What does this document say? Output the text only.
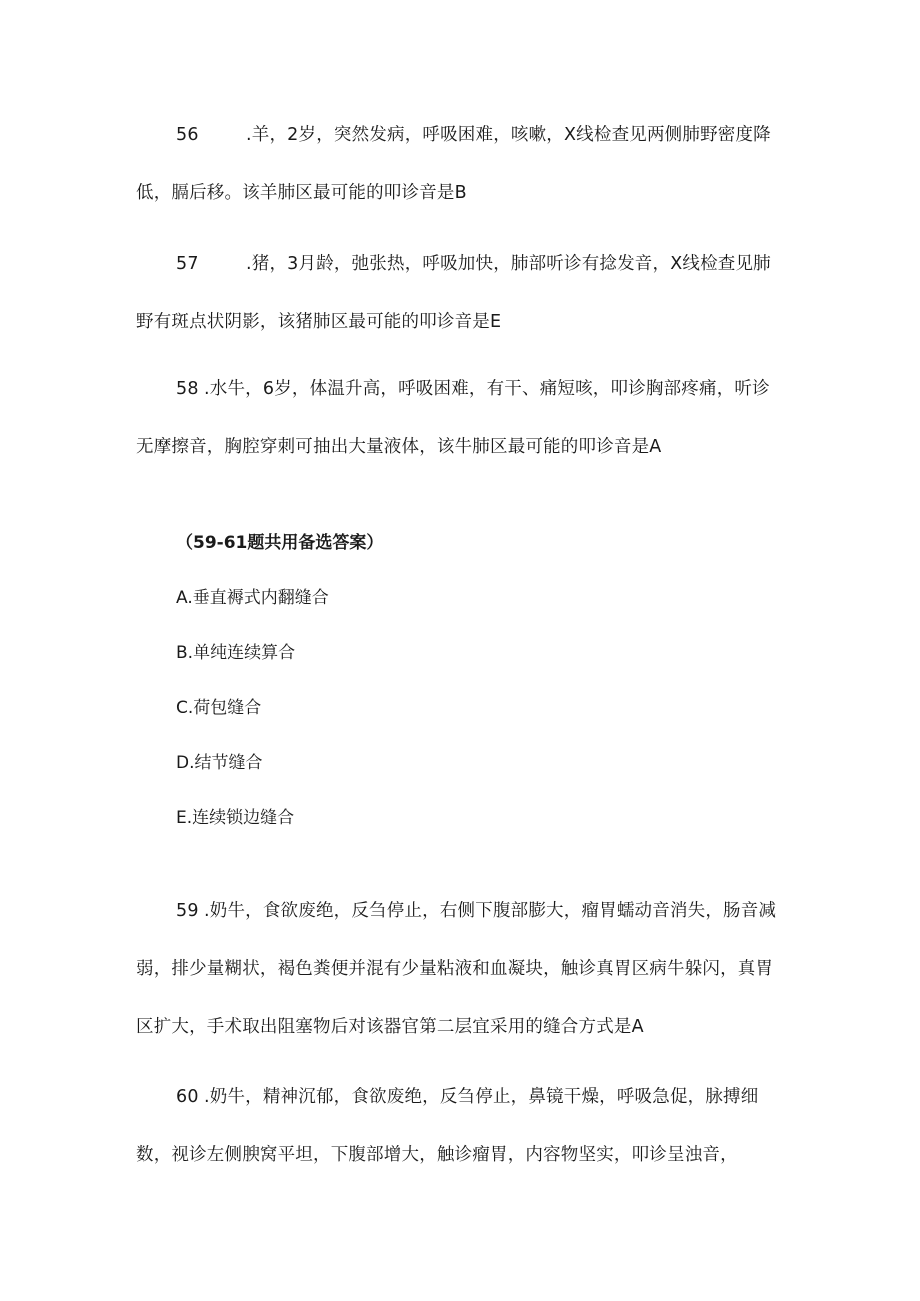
56	.羊，2岁，突然发病，呼吸困难，咳嗽，X线检查见两侧肺野密度降低，膈后移。该羊肺区最可能的叩诊音是B
57	.猪，3月龄，弛张热，呼吸加快，肺部听诊有捻发音，X线检查见肺野有斑点状阴影，该猪肺区最可能的叩诊音是E
58 .水牛，6岁，体温升高，呼吸困难，有干、痛短咳，叩诊胸部疼痛，听诊无摩擦音，胸腔穿刺可抽出大量液体，该牛肺区最可能的叩诊音是A
（59-61题共用备选答案）
A.垂直褥式内翻缝合
B.单纯连续算合
C.荷包缝合
D.结节缝合
E.连续锁边缝合
59 .奶牛，食欲废绝，反刍停止，右侧下腹部膨大，瘤胃蠕动音消失，肠音减弱，排少量糊状，褐色粪便并混有少量粘液和血凝块，触诊真胃区病牛躲闪，真胃区扩大，手术取出阻塞物后对该器官第二层宜采用的缝合方式是A
60 .奶牛，精神沉郁，食欲废绝，反刍停止，鼻镜干燥，呼吸急促，脉搏细数，视诊左侧腴窝平坦，下腹部增大，触诊瘤胃，内容物坚实，叩诊呈浊音，
